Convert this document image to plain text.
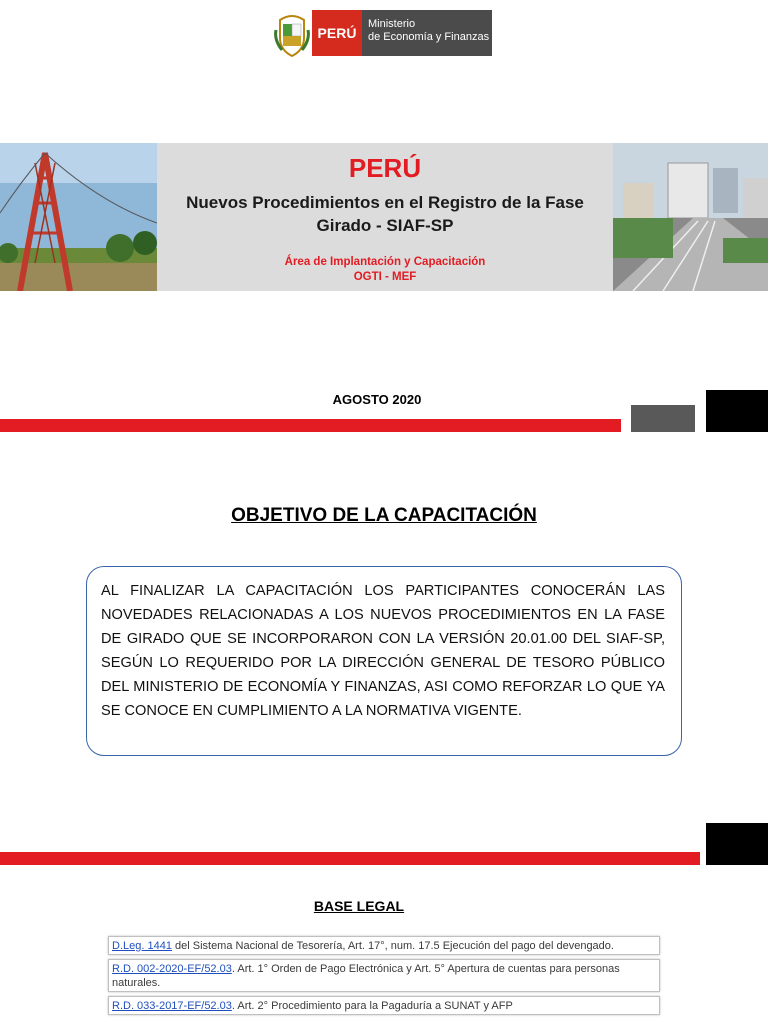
PERÚ
Ministerio
de Economía y Finanzas
PERÚ
Nuevos Procedimientos en el Registro de la Fase
Girado - SIAF-SP
Área de Implantación y Capacitación
OGTI - MEF
AGOSTO 2020
OBJETIVO DE LA CAPACITACIÓN

AL FINALIZAR LA CAPACITACIÓN LOS PARTICIPANTES CONOCERÁN LAS NOVEDADES RELACIONADAS A LOS NUEVOS PROCEDIMIENTOS EN LA FASE DE GIRADO QUE SE INCORPORARON CON LA VERSIÓN 20.01.00 DEL SIAF-SP, SEGÚN LO REQUERIDO POR LA DIRECCIÓN GENERAL DE TESORO PÚBLICO DEL MINISTERIO DE ECONOMÍA Y FINANZAS, ASI COMO REFORZAR LO QUE YA SE CONOCE EN CUMPLIMIENTO A LA NORMATIVA VIGENTE.

BASE LEGAL
D.Leg. 1441 del Sistema Nacional de Tesorería, Art. 17°, num. 17.5 Ejecución del pago del devengado.
R.D. 002-2020-EF/52.03. Art. 1° Orden de Pago Electrónica y Art. 5° Apertura de cuentas para personas naturales.
R.D. 033-2017-EF/52.03. Art. 2° Procedimiento para la Pagaduría a SUNAT y AFP
